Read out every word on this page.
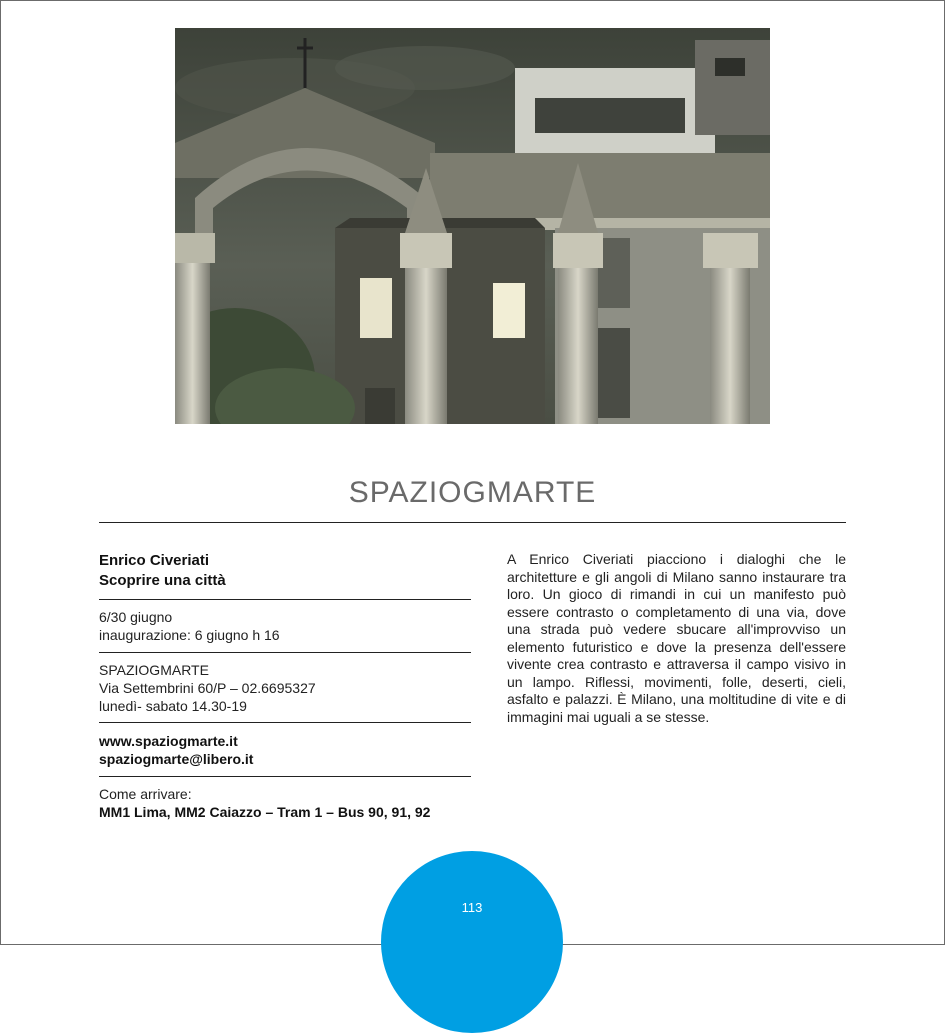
SPAZIOGMARTE
Enrico Civeriati
Scoprire una città
6/30 giugno
inaugurazione: 6 giugno h 16
SPAZIOGMARTE
Via Settembrini 60/P – 02.6695327
lunedì- sabato 14.30-19
www.spaziogmarte.it
spaziogmarte@libero.it
Come arrivare:
MM1 Lima, MM2 Caiazzo – Tram 1 – Bus 90, 91, 92
A Enrico Civeriati piacciono i dialoghi che le architetture e gli angoli di Milano sanno instaurare tra loro. Un gioco di rimandi in cui un manifesto può essere contrasto o completamento di una via, dove una strada può vedere sbucare all'improvviso un elemento futuristico e dove la presenza dell'essere vivente crea contrasto e attraversa il campo visivo in un lampo. Riflessi, movimenti, folle, deserti, cieli, asfalto e palazzi. È Milano, una moltitudine di vite e di immagini mai uguali a se stesse.
113
